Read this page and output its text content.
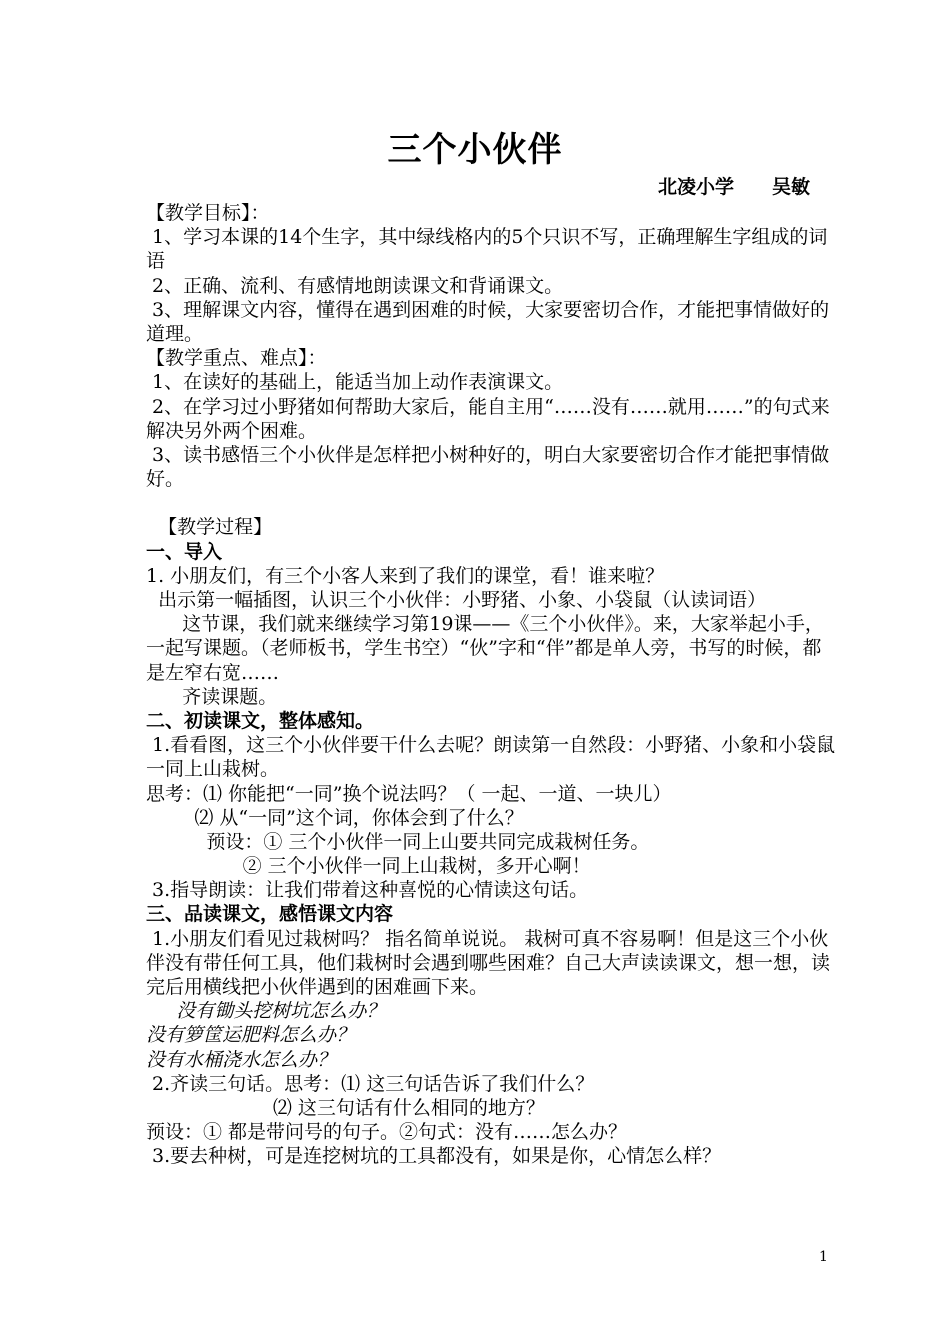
三个小伙伴
北凌小学　　吴敏
【教学目标】：
1、学习本课的14个生字，其中绿线格内的5个只识不写，正确理解生字组成的词语
2、正确、流利、有感情地朗读课文和背诵课文。
3、理解课文内容，懂得在遇到困难的时候，大家要密切合作，才能把事情做好的道理。
【教学重点、难点】：
1、在读好的基础上，能适当加上动作表演课文。
2、在学习过小野猪如何帮助大家后，能自主用“……没有……就用……”的句式来解决另外两个困难。
3、读书感悟三个小伙伴是怎样把小树种好的，明白大家要密切合作才能把事情做好。
【教学过程】
一、导入
1. 小朋友们，有三个小客人来到了我们的课堂，看！谁来啦？
出示第一幅插图，认识三个小伙伴：小野猪、小象、小袋鼠（认读词语）
这节课，我们就来继续学习第19课——《三个小伙伴》。来，大家举起小手，一起写课题。（老师板书，学生书空）“伙”字和“伴”都是单人旁，书写的时候，都是左窄右宽……
齐读课题。
二、初读课文，整体感知。
1.看看图，这三个小伙伴要干什么去呢？朗读第一自然段：小野猪、小象和小袋鼠一同上山栽树。
思考：⑴ 你能把“一同”换个说法吗？（ 一起、一道、一块儿）
⑵ 从“一同”这个词，你体会到了什么？
预设：① 三个小伙伴一同上山要共同完成栽树任务。
② 三个小伙伴一同上山栽树，多开心啊！
3.指导朗读：让我们带着这种喜悦的心情读这句话。
三、品读课文，感悟课文内容
1.小朋友们看见过栽树吗？ 指名简单说说。 栽树可真不容易啊！但是这三个小伙伴没有带任何工具，他们栽树时会遇到哪些困难？自己大声读读课文，想一想，读完后用横线把小伙伴遇到的困难画下来。
没有锄头挖树坑怎么办？
没有箩筐运肥料怎么办？
没有水桶浇水怎么办？
2.齐读三句话。思考：⑴ 这三句话告诉了我们什么？
⑵ 这三句话有什么相同的地方？
预设：① 都是带问号的句子。②句式：没有……怎么办？
3.要去种树，可是连挖树坑的工具都没有，如果是你，心情怎么样？
1
